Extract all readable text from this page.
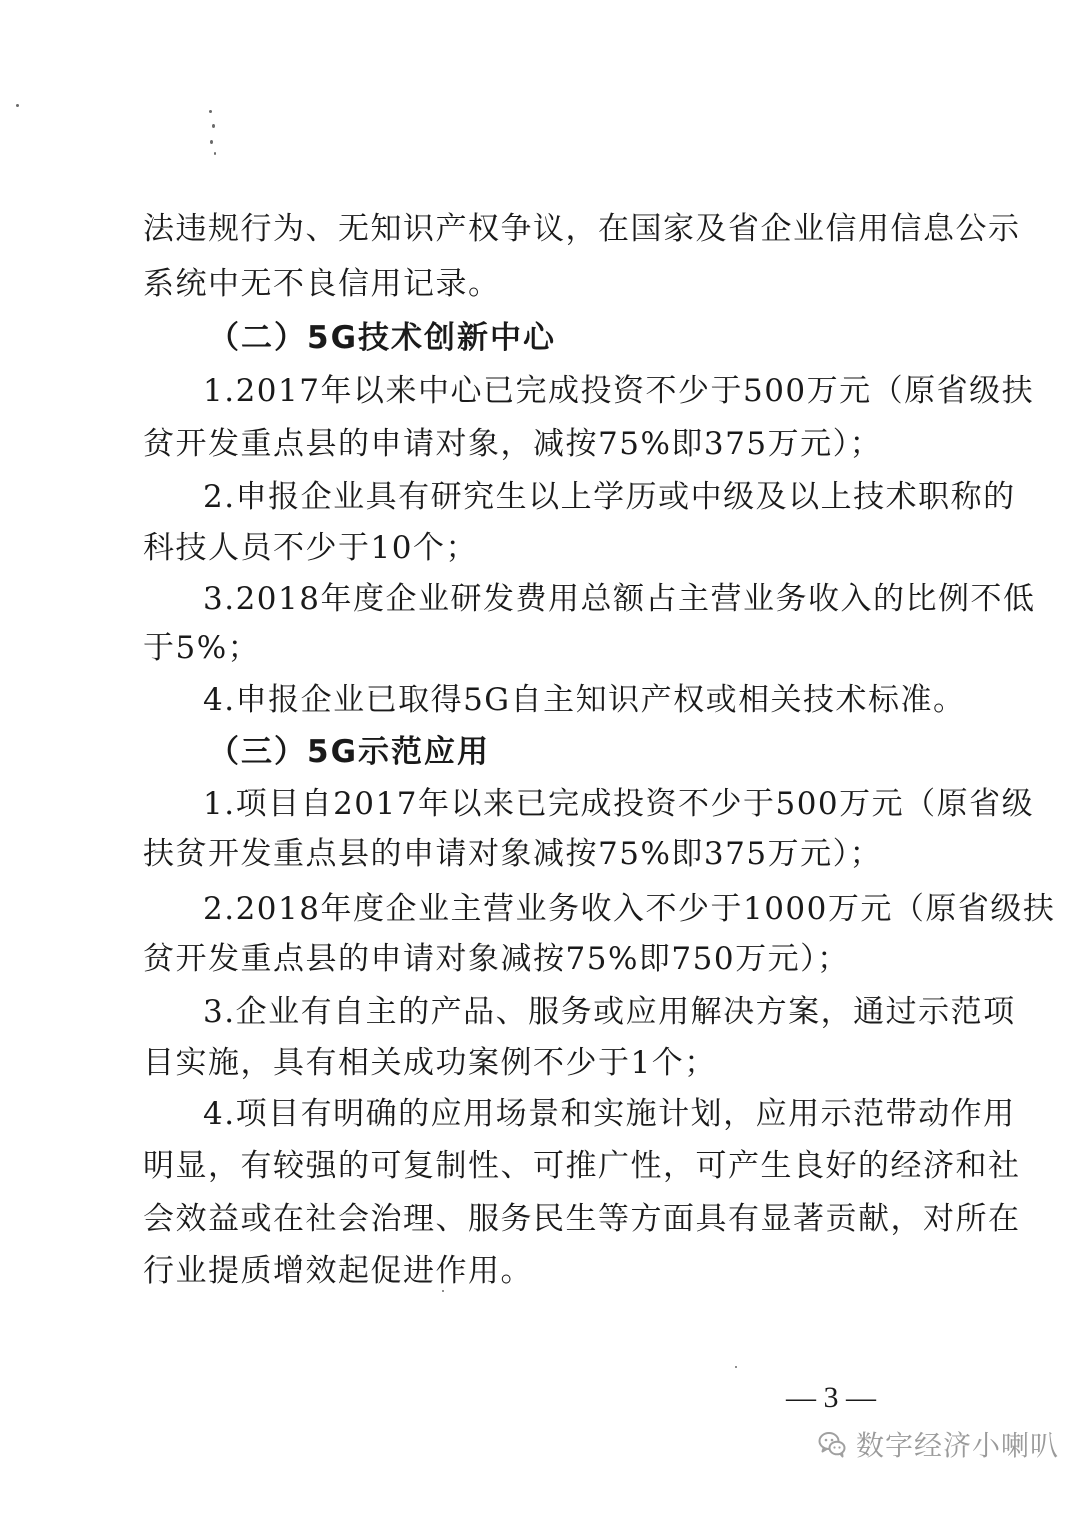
法违规行为、无知识产权争议，在国家及省企业信用信息公示
系统中无不良信用记录。
（二）5G技术创新中心
1.2017年以来中心已完成投资不少于500万元（原省级扶
贫开发重点县的申请对象，减按75%即375万元）；
2.申报企业具有研究生以上学历或中级及以上技术职称的
科技人员不少于10个；
3.2018年度企业研发费用总额占主营业务收入的比例不低
于5%；
4.申报企业已取得5G自主知识产权或相关技术标准。
（三）5G示范应用
1.项目自2017年以来已完成投资不少于500万元（原省级
扶贫开发重点县的申请对象减按75%即375万元）；
2.2018年度企业主营业务收入不少于1000万元（原省级扶
贫开发重点县的申请对象减按75%即750万元）；
3.企业有自主的产品、服务或应用解决方案，通过示范项
目实施，具有相关成功案例不少于1个；
4.项目有明确的应用场景和实施计划，应用示范带动作用
明显，有较强的可复制性、可推广性，可产生良好的经济和社
会效益或在社会治理、服务民生等方面具有显著贡献，对所在
行业提质增效起促进作用。
— 3 —
数字经济小喇叭
